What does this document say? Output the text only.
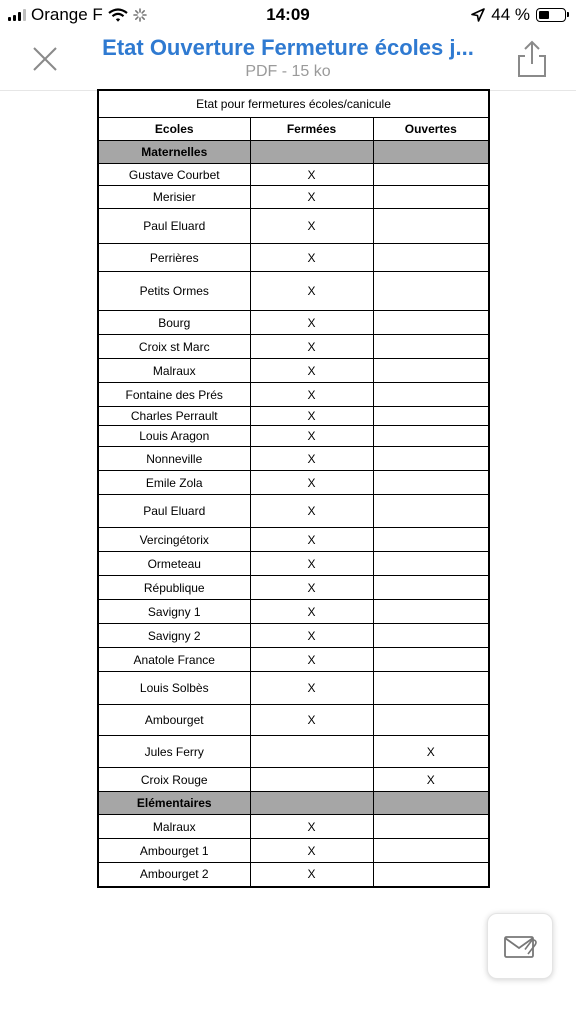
Orange F	14:09	44 %
Etat Ouverture Fermeture écoles j...
PDF - 15 ko
Etat pour fermetures écoles/canicule		
Ecoles	Fermées	Ouvertes
Maternelles		
Gustave Courbet	X	
Merisier	X	
Paul Eluard	X	
Perrières	X	
Petits Ormes	X	
Bourg	X	
Croix st Marc	X	
Malraux	X	
Fontaine des Prés	X	
Charles Perrault	X	
Louis Aragon	X	
Nonneville	X	
Emile Zola	X	
Paul Eluard	X	
Vercingétorix	X	
Ormeteau	X	
République	X	
Savigny 1	X	
Savigny 2	X	
Anatole France	X	
Louis Solbès	X	
Ambourget	X	
Jules Ferry		X
Croix Rouge		X
Elémentaires		
Malraux	X	
Ambourget 1	X	
Ambourget 2	X	
